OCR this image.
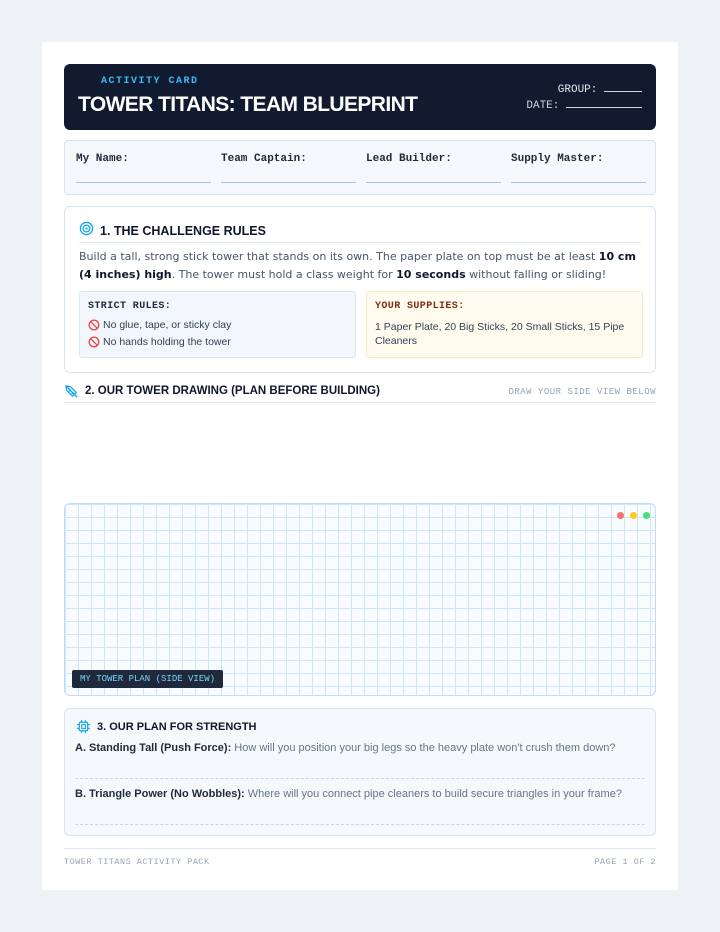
ACTIVITY CARD
TOWER TITANS: TEAM BLUEPRINT
GROUP:
DATE:
My Name:	Team Captain:	Lead Builder:	Supply Master:
1. THE CHALLENGE RULES
Build a tall, strong stick tower that stands on its own. The paper plate on top must be at least 10 cm (4 inches) high. The tower must hold a class weight for 10 seconds without falling or sliding!
STRICT RULES:
No glue, tape, or sticky clay
No hands holding the tower
YOUR SUPPLIES:
1 Paper Plate, 20 Big Sticks, 20 Small Sticks, 15 Pipe Cleaners
2. OUR TOWER DRAWING (PLAN BEFORE BUILDING)	DRAW YOUR SIDE VIEW BELOW
MY TOWER PLAN (SIDE VIEW)
3. OUR PLAN FOR STRENGTH
A. Standing Tall (Push Force): How will you position your big legs so the heavy plate won't crush them down?
B. Triangle Power (No Wobbles): Where will you connect pipe cleaners to build secure triangles in your frame?
TOWER TITANS ACTIVITY PACK	PAGE 1 OF 2
